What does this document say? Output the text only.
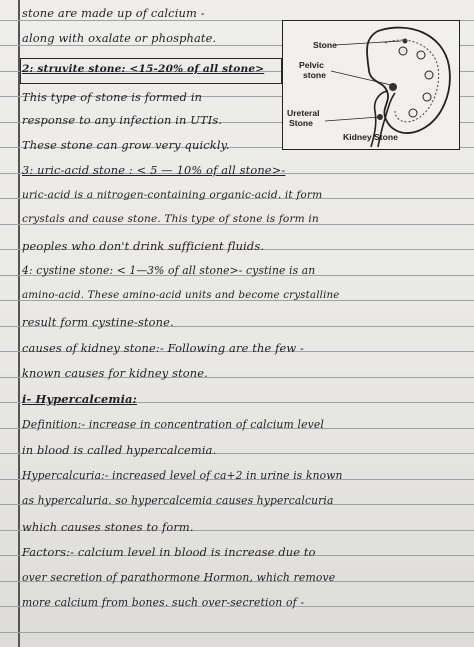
Stone
Pelvic
stone
Ureteral
Stone
Kidney Stone
stone are made up of calcium -
along with oxalate or phosphate.
2: struvite stone: <15-20% of all stone>
This type of stone is formed in
response to any infection in UTIs.
These stone can grow very quickly.
3: uric-acid stone : < 5 — 10% of all stone>-
uric-acid is a nitrogen-containing organic-acid. it form
crystals and cause stone. This type of stone is form in
peoples who don't drink sufficient fluids.
4: cystine stone: < 1—3% of all stone>- cystine is an
amino-acid. These amino-acid units and become crystalline
result form cystine-stone.
causes of kidney stone:- Following are the few -
known causes for kidney stone.
i- Hypercalcemia:
Definition:- increase in concentration of calcium level
in blood is called hypercalcemia.
Hypercalcuria:- increased level of ca+2 in urine is known
as hypercaluria. so hypercalcemia causes hypercalcuria
which causes stones to form.
Factors:- calcium level in blood is increase due to
over secretion of parathormone Hormon, which remove
more calcium from bones. such over-secretion of -
